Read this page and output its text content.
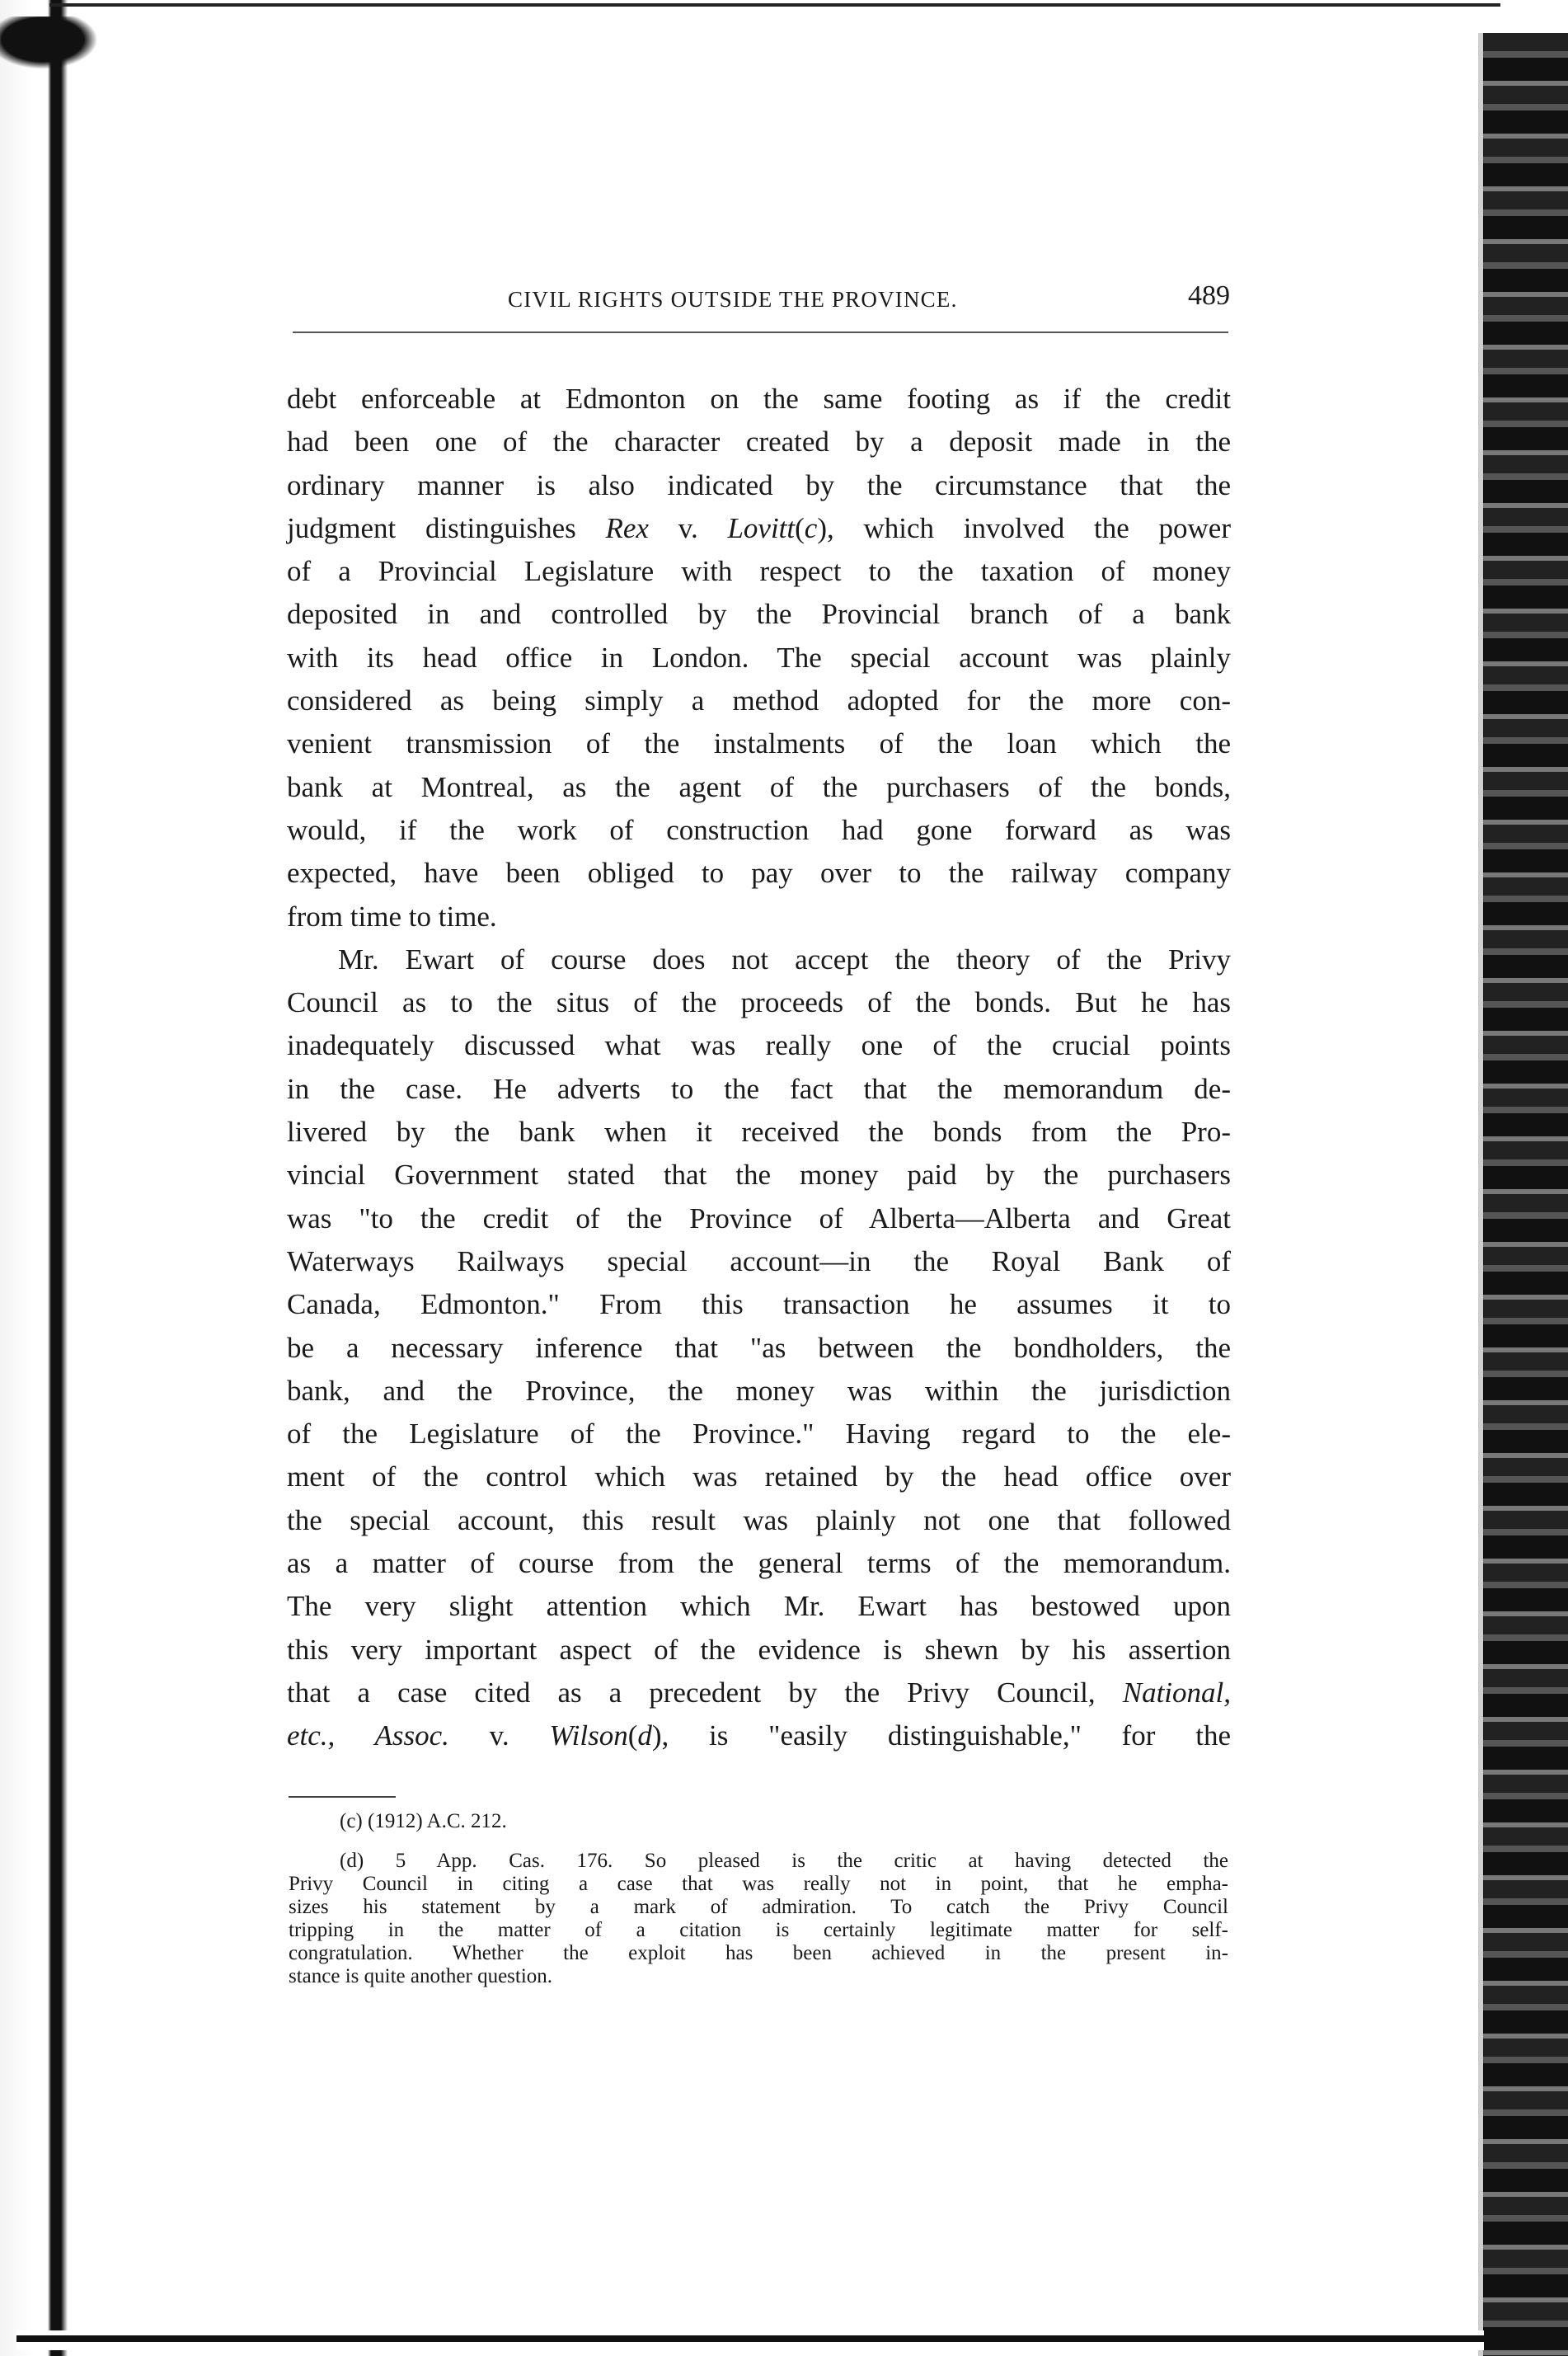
CIVIL RIGHTS OUTSIDE THE PROVINCE.	489
debt enforceable at Edmonton on the same footing as if the credit
had been one of the character created by a deposit made in the
ordinary manner is also indicated by the circumstance that the
judgment distinguishes Rex v. Lovitt(c), which involved the power
of a Provincial Legislature with respect to the taxation of money
deposited in and controlled by the Provincial branch of a bank
with its head office in London. The special account was plainly
considered as being simply a method adopted for the more con-
venient transmission of the instalments of the loan which the
bank at Montreal, as the agent of the purchasers of the bonds,
would, if the work of construction had gone forward as was
expected, have been obliged to pay over to the railway company
from time to time.
Mr. Ewart of course does not accept the theory of the Privy
Council as to the situs of the proceeds of the bonds. But he has
inadequately discussed what was really one of the crucial points
in the case. He adverts to the fact that the memorandum de-
livered by the bank when it received the bonds from the Pro-
vincial Government stated that the money paid by the purchasers
was "to the credit of the Province of Alberta—Alberta and Great
Waterways Railways special account—in the Royal Bank of
Canada, Edmonton." From this transaction he assumes it to
be a necessary inference that "as between the bondholders, the
bank, and the Province, the money was within the jurisdiction
of the Legislature of the Province." Having regard to the ele-
ment of the control which was retained by the head office over
the special account, this result was plainly not one that followed
as a matter of course from the general terms of the memorandum.
The very slight attention which Mr. Ewart has bestowed upon
this very important aspect of the evidence is shewn by his assertion
that a case cited as a precedent by the Privy Council, National,
etc., Assoc. v. Wilson(d), is "easily distinguishable," for the
(c) (1912) A.C. 212.
(d) 5 App. Cas. 176. So pleased is the critic at having detected the
Privy Council in citing a case that was really not in point, that he empha-
sizes his statement by a mark of admiration. To catch the Privy Council
tripping in the matter of a citation is certainly legitimate matter for self-
congratulation. Whether the exploit has been achieved in the present in-
stance is quite another question.
